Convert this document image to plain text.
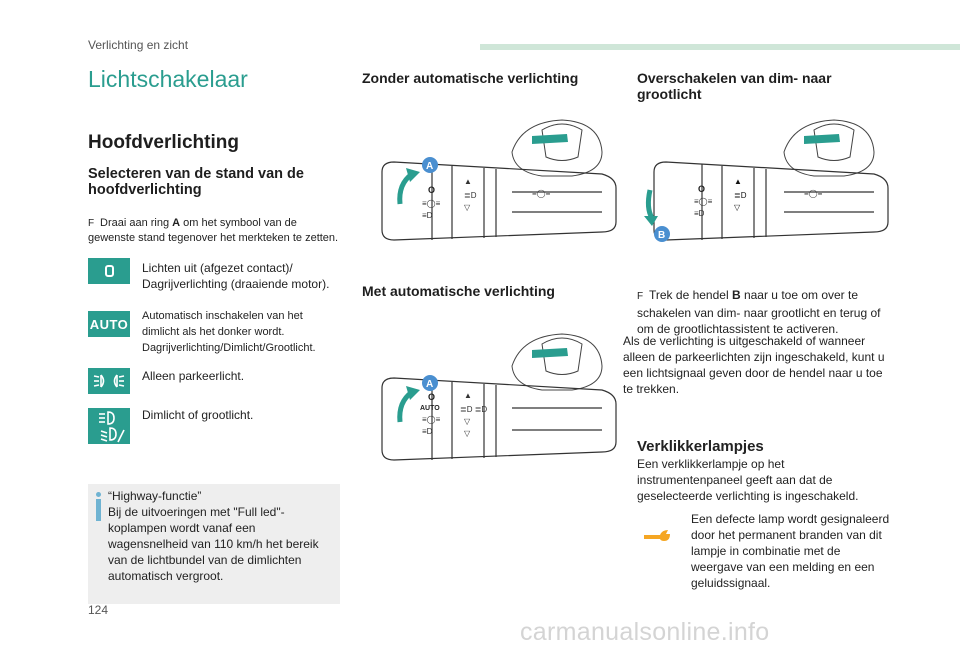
Verlichting en zicht
Lichtschakelaar
Hoofdverlichting
Selecteren van de stand van de hoofdverlichting
F Draai aan ring A om het symbool van de gewenste stand tegenover het merkteken te zetten.
Lichten uit (afgezet contact)/ Dagrijverlichting (draaiende motor).
AUTO
Automatisch inschakelen van het dimlicht als het donker wordt. Dagrijverlichting/Dimlicht/Grootlicht.
Alleen parkeerlicht.
Dimlicht of grootlicht.
“Highway-functie”
Bij de uitvoeringen met "Full led"-koplampen wordt vanaf een wagensnelheid van 110 km/h het bereik van de lichtbundel van de dimlichten automatisch vergroot.
Zonder automatische verlichting
≡◯≡
O
≡◯≡
≡D
▲
≣D
▽
A
Met automatische verlichting
O
AUTO
≡◯≡
≡D
▲
≣D ≣D
▽
▽
A
Overschakelen van dim- naar grootlicht
O
≡◯≡
≡D
▲
≣D
▽
≡◯≡
B
F Trek de hendel B naar u toe om over te schakelen van dim- naar grootlicht en terug of om de grootlichtassistent te activeren.
Als de verlichting is uitgeschakeld of wanneer alleen de parkeerlichten zijn ingeschakeld, kunt u een lichtsignaal geven door de hendel naar u toe te trekken.
Verklikkerlampjes
Een verklikkerlampje op het instrumentenpaneel geeft aan dat de geselecteerde verlichting is ingeschakeld.
Een defecte lamp wordt gesignaleerd door het permanent branden van dit lampje in combinatie met de weergave van een melding en een geluidssignaal.
124
carmanualsonline.info
